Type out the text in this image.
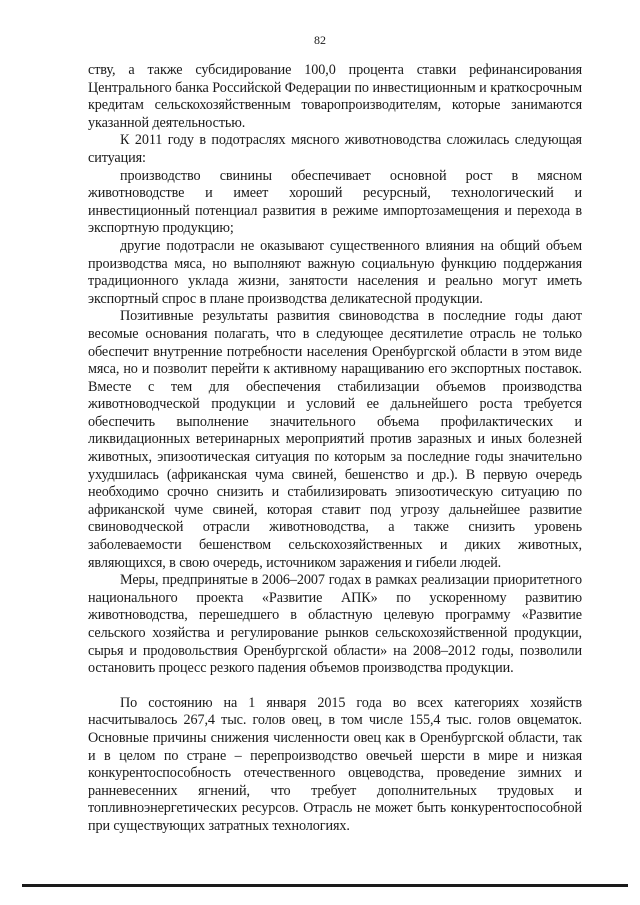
82

ству, а также субсидирование 100,0 процента ставки рефинансирования Центрального банка Российской Федерации по инвестиционным и краткосрочным кредитам сельскохозяйственным товаропроизводителям, которые занимаются указанной деятельностью.

К 2011 году в подотраслях мясного животноводства сложилась следующая ситуация:

производство свинины обеспечивает основной рост в мясном животноводстве и имеет хороший ресурсный, технологический и инвестиционный потенциал развития в режиме импортозамещения и перехода в экспортную продукцию;

другие подотрасли не оказывают существенного влияния на общий объем производства мяса, но выполняют важную социальную функцию поддержания традиционного уклада жизни, занятости населения и реально могут иметь экспортный спрос в плане производства деликатесной продукции.

Позитивные результаты развития свиноводства в последние годы дают весомые основания полагать, что в следующее десятилетие отрасль не только обеспечит внутренние потребности населения Оренбургской области в этом виде мяса, но и позволит перейти к активному наращиванию его экспортных поставок. Вместе с тем для обеспечения стабилизации объемов производства животноводческой продукции и условий ее дальнейшего роста требуется обеспечить выполнение значительного объема профилактических и ликвидационных ветеринарных мероприятий против заразных и иных болезней животных, эпизоотическая ситуация по которым за последние годы значительно ухудшилась (африканская чума свиней, бешенство и др.). В первую очередь необходимо срочно снизить и стабилизировать эпизоотическую ситуацию по африканской чуме свиней, которая ставит под угрозу дальнейшее развитие свиноводческой отрасли животноводства, а также снизить уровень заболеваемости бешенством сельскохозяйственных и диких животных, являющихся, в свою очередь, источником заражения и гибели людей.

Меры, предпринятые в 2006–2007 годах в рамках реализации приоритетного национального проекта «Развитие АПК» по ускоренному развитию животноводства, перешедшего в областную целевую программу «Развитие сельского хозяйства и регулирование рынков сельскохозяйственной продукции, сырья и продовольствия Оренбургской области» на 2008–2012 годы, позволили остановить процесс резкого падения объемов производства продукции.

По состоянию на 1 января 2015 года во всех категориях хозяйств насчитывалось 267,4 тыс. голов овец, в том числе 155,4 тыс. голов овцематок. Основные причины снижения численности овец как в Оренбургской области, так и в целом по стране – перепроизводство овечьей шерсти в мире и низкая конкурентоспособность отечественного овцеводства, проведение зимних и ранневесенних ягнений, что требует дополнительных трудовых и топливноэнергетических ресурсов. Отрасль не может быть конкурентоспособной при существующих затратных технологиях.
